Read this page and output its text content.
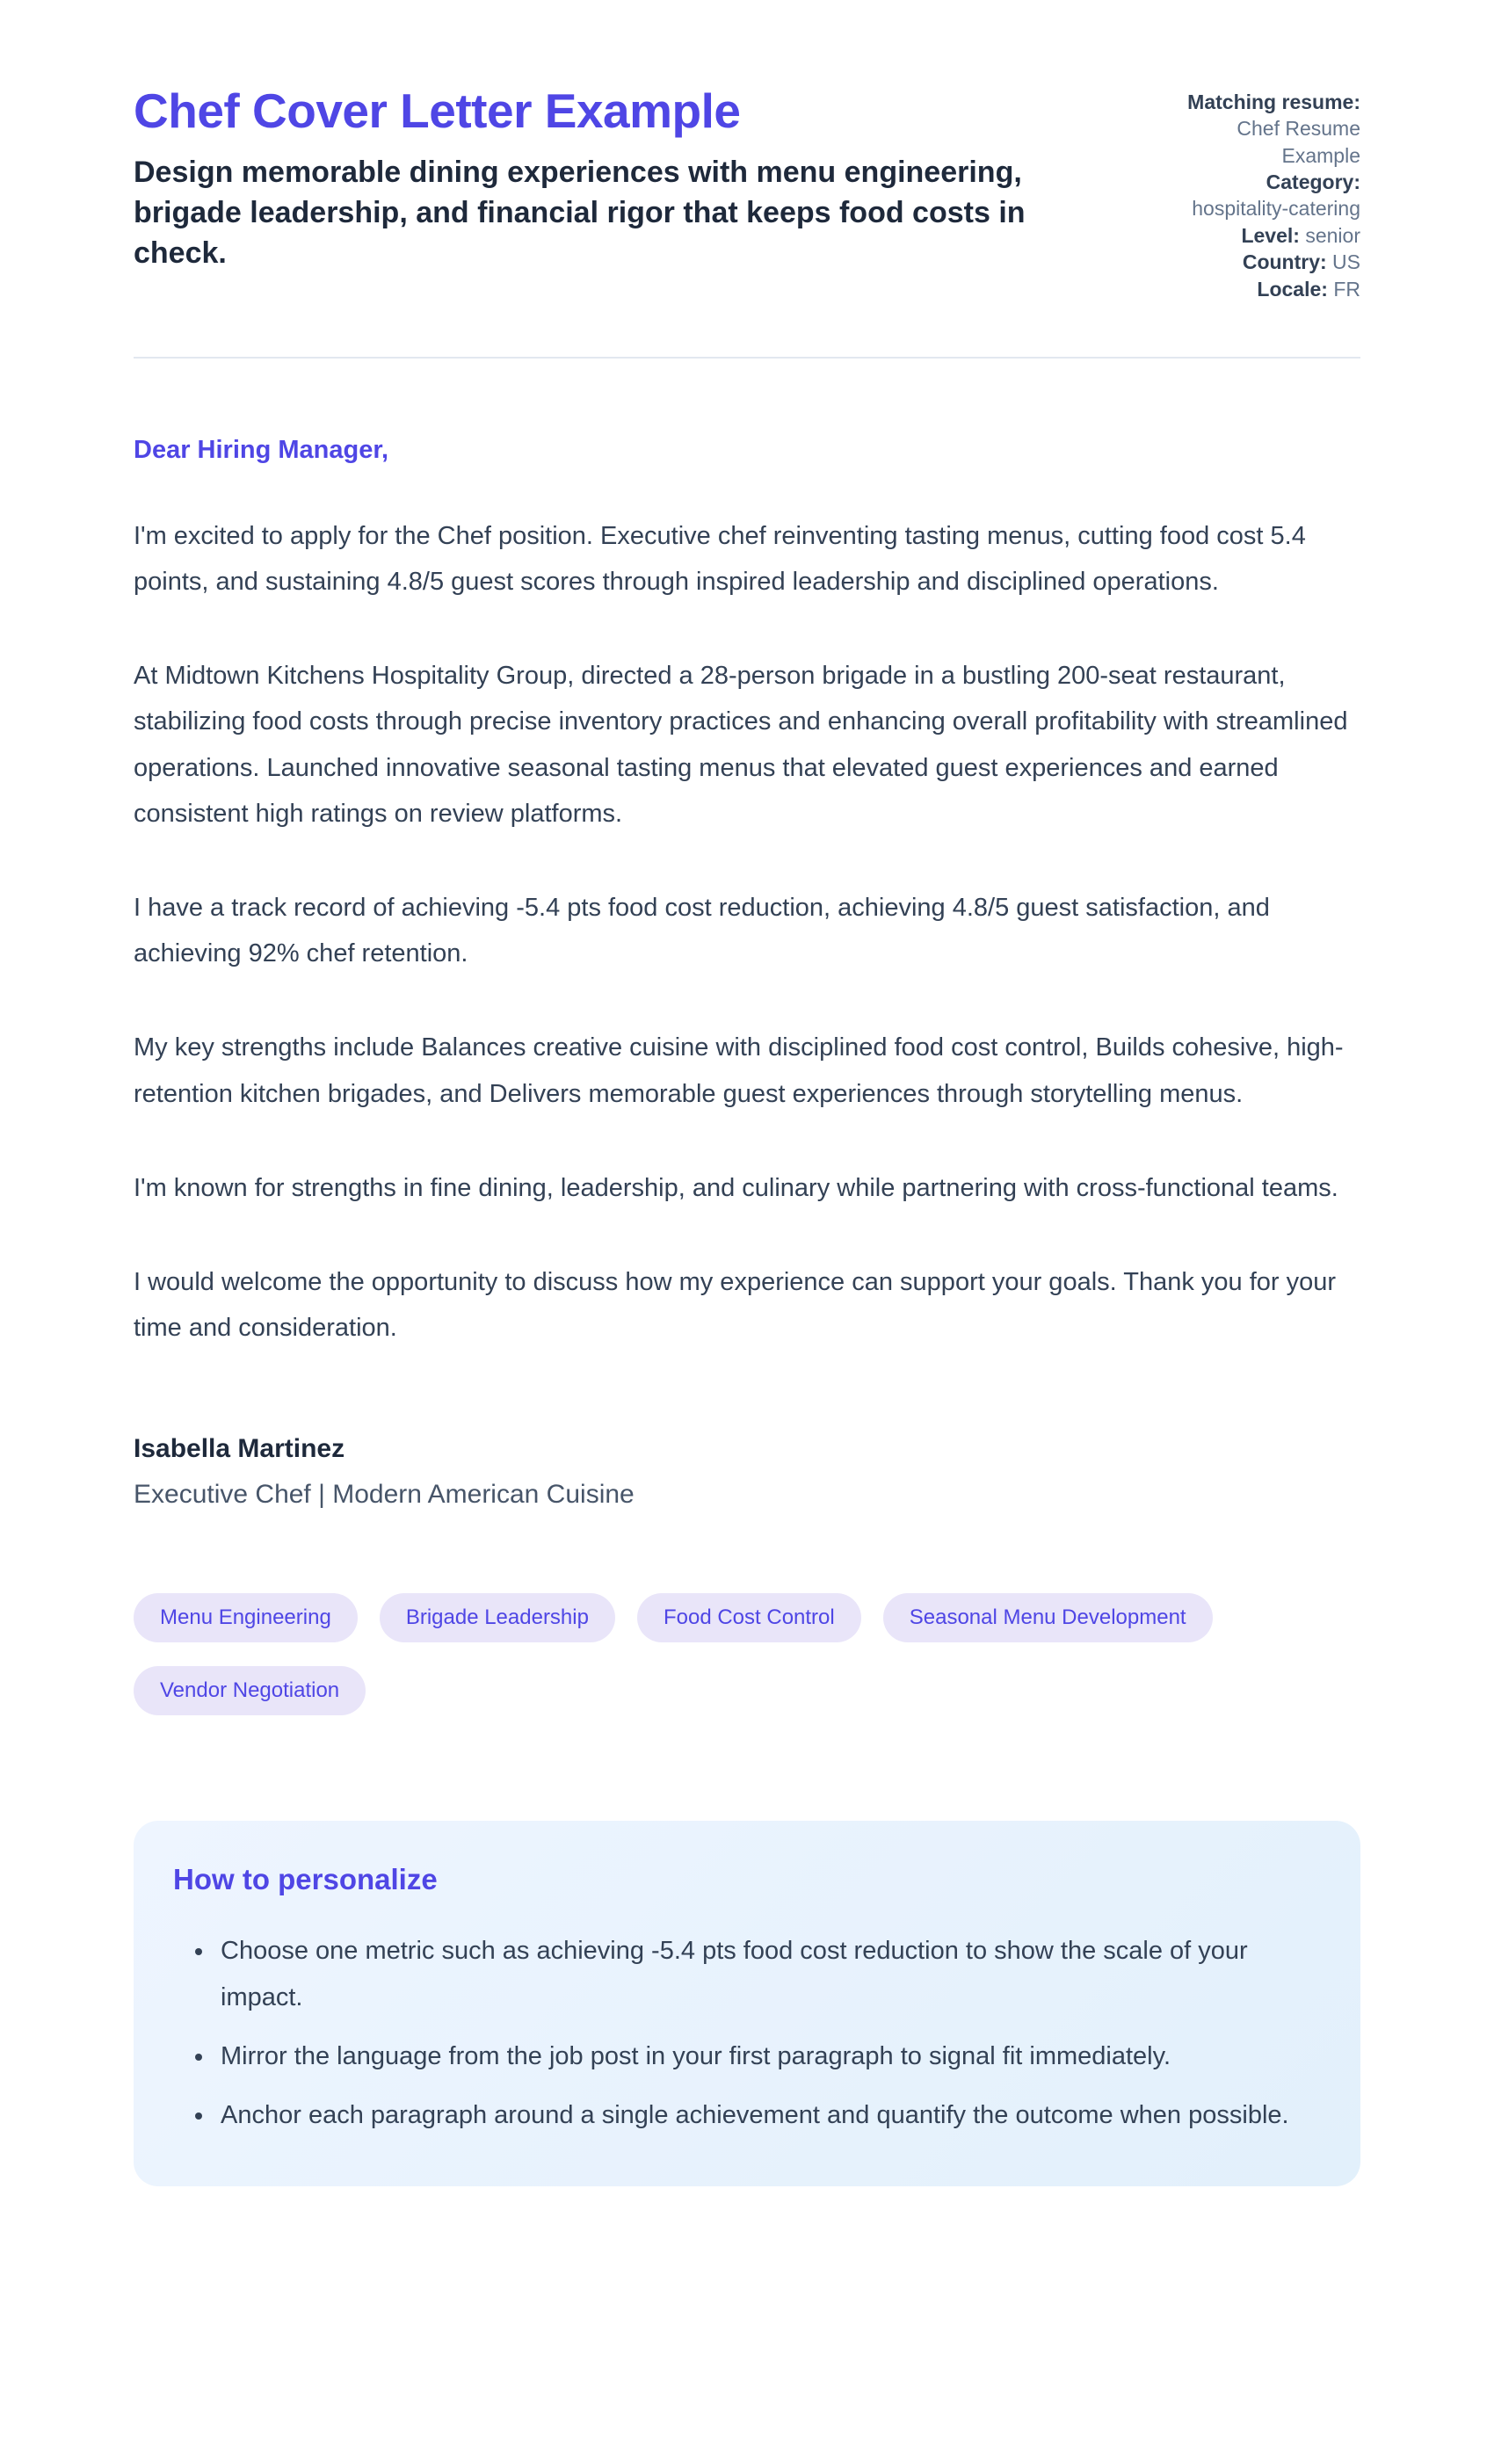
Chef Cover Letter Example
Design memorable dining experiences with menu engineering, brigade leadership, and financial rigor that keeps food costs in check.
Matching resume: Chef Resume Example
Category: hospitality-catering
Level: senior
Country: US
Locale: FR

Dear Hiring Manager,

I'm excited to apply for the Chef position. Executive chef reinventing tasting menus, cutting food cost 5.4 points, and sustaining 4.8/5 guest scores through inspired leadership and disciplined operations.

At Midtown Kitchens Hospitality Group, directed a 28-person brigade in a bustling 200-seat restaurant, stabilizing food costs through precise inventory practices and enhancing overall profitability with streamlined operations. Launched innovative seasonal tasting menus that elevated guest experiences and earned consistent high ratings on review platforms.

I have a track record of achieving -5.4 pts food cost reduction, achieving 4.8/5 guest satisfaction, and achieving 92% chef retention.

My key strengths include Balances creative cuisine with disciplined food cost control, Builds cohesive, high-retention kitchen brigades, and Delivers memorable guest experiences through storytelling menus.

I'm known for strengths in fine dining, leadership, and culinary while partnering with cross-functional teams.

I would welcome the opportunity to discuss how my experience can support your goals. Thank you for your time and consideration.

Isabella Martinez

Executive Chef | Modern American Cuisine

Menu Engineering	Brigade Leadership	Food Cost Control	Seasonal Menu Development
Vendor Negotiation
How to personalize
• Choose one metric such as achieving -5.4 pts food cost reduction to show the scale of your impact.
• Mirror the language from the job post in your first paragraph to signal fit immediately.
• Anchor each paragraph around a single achievement and quantify the outcome when possible.
